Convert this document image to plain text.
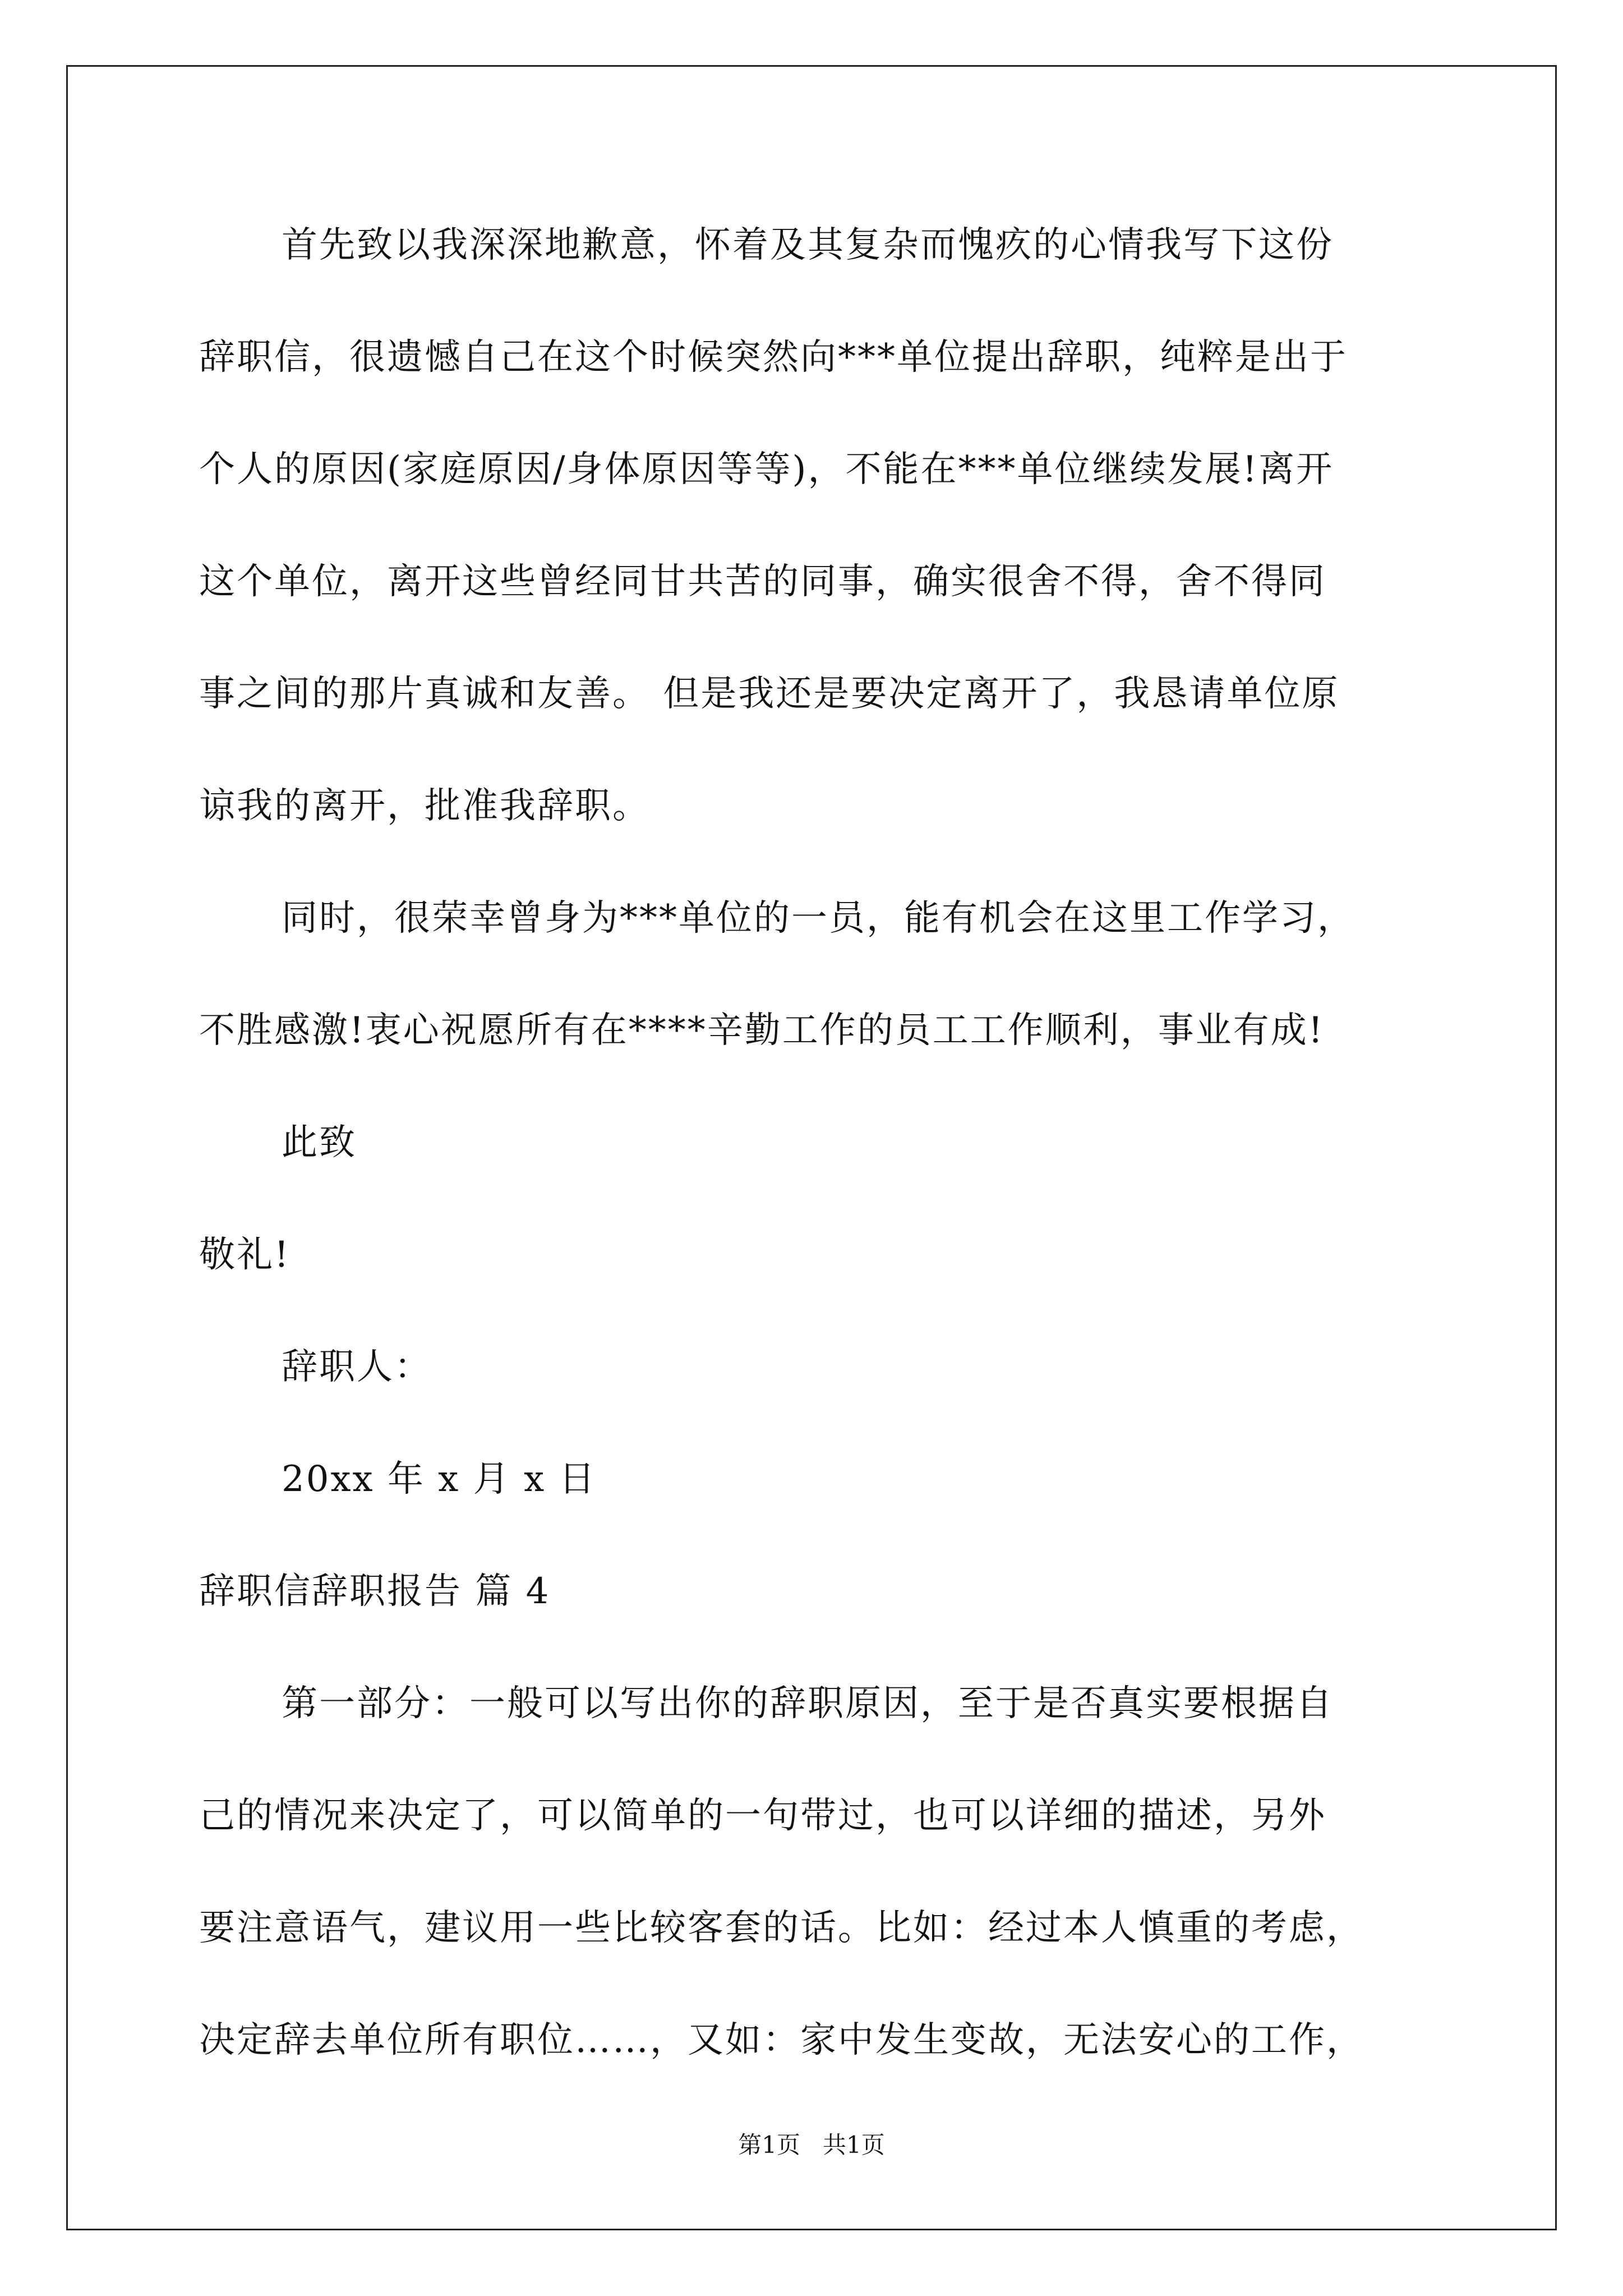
首先致以我深深地歉意，怀着及其复杂而愧疚的心情我写下这份
辞职信，很遗憾自己在这个时候突然向***单位提出辞职，纯粹是出于
个人的原因(家庭原因/身体原因等等)，不能在***单位继续发展!离开
这个单位，离开这些曾经同甘共苦的同事，确实很舍不得，舍不得同
事之间的那片真诚和友善。 但是我还是要决定离开了，我恳请单位原
谅我的离开，批准我辞职。
同时，很荣幸曾身为***单位的一员，能有机会在这里工作学习，
不胜感激!衷心祝愿所有在****辛勤工作的员工工作顺利，事业有成!
此致
敬礼!
辞职人：
20xx 年 x 月 x 日
辞职信辞职报告 篇 4
第一部分：一般可以写出你的辞职原因，至于是否真实要根据自
己的情况来决定了，可以简单的一句带过，也可以详细的描述，另外
要注意语气，建议用一些比较客套的话。比如：经过本人慎重的考虑，
决定辞去单位所有职位……，又如：家中发生变故，无法安心的工作，
第1页   共1页
